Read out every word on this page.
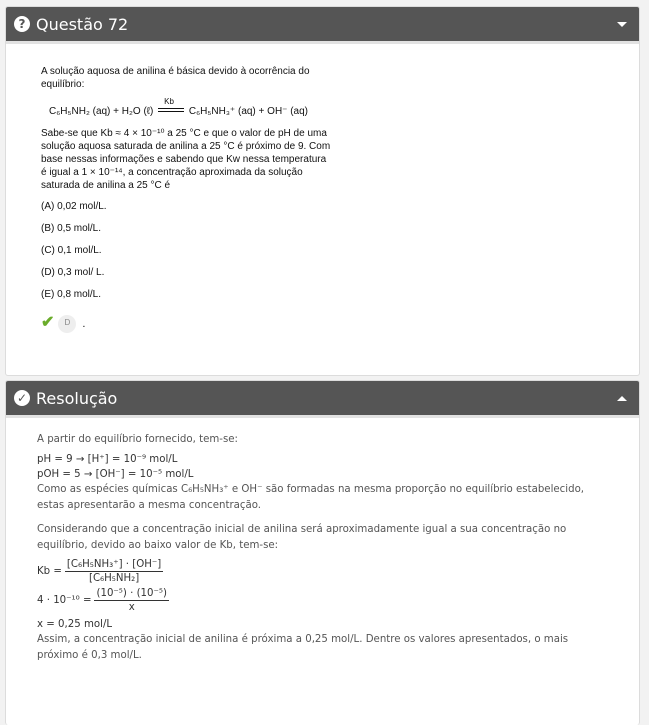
? Questão 72

A solução aquosa de anilina é básica devido à ocorrência do equilíbrio:

C₆H₅NH₂ (aq) + H₂O (ℓ)
Kb
C₆H₅NH₃⁺ (aq) + OH⁻ (aq)

Sabe-se que Kb ≈ 4 × 10⁻¹⁰ a 25 °C e que o valor de pH de uma solução aquosa saturada de anilina a 25 °C é próximo de 9. Com base nessas informações e sabendo que Kw nessa temperatura é igual a 1 × 10⁻¹⁴, a concentração aproximada da solução saturada de anilina a 25 °C é

(A) 0,02 mol/L.
(B) 0,5 mol/L.
(C) 0,1 mol/L.
(D) 0,3 mol/ L.
(E) 0,8 mol/L.
✔	D	.
✓ Resolução

A partir do equilíbrio fornecido, tem-se:

pH = 9 → [H⁺] = 10⁻⁹ mol/L
pOH = 5 → [OH⁻] = 10⁻⁵ mol/L

Como as espécies químicas C₆H₅NH₃⁺ e OH⁻ são formadas na mesma proporção no equilíbrio estabelecido, estas apresentarão a mesma concentração.

Considerando que a concentração inicial de anilina será aproximadamente igual a sua concentração no equilíbrio, devido ao baixo valor de Kb, tem-se:

$Kb = \frac{\text{[C₆H₅NH₃⁺] · [OH⁻]}}{\text{[C₆H₅NH₂]}}$
$4 \cdot 10^{-10} = \frac{\text{(10⁻⁵) · (10⁻⁵)}}{x}$
x = 0,25 mol/L

Assim, a concentração inicial de anilina é próxima a 0,25 mol/L. Dentre os valores apresentados, o mais próximo é 0,3 mol/L.
